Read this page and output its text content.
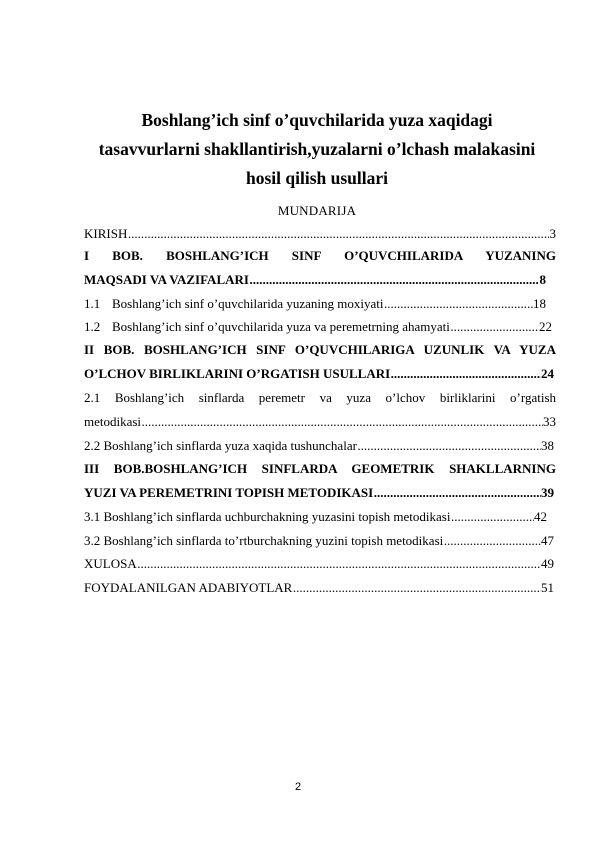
Boshlang’ich sinf o’quvchilarida yuza xaqidagi
tasavvurlarni shakllantirish,yuzalarni o’lchash malakasini
hosil qilish usullari
MUNDARIJA
KIRISH .....	3
I BOB. BOSHLANG’ICH SINF O’QUVCHILARIDA YUZANING
MAQSADI VA VAZIFALARI .....	8
1.1 Boshlang’ich sinf o’quvchilarida yuzaning moxiyati .....	18
1.2 Boshlang’ich sinf o’quvchilarida yuza va peremetrning ahamyati .....	22
II BOB. BOSHLANG’ICH SINF O’QUVCHILARIGA UZUNLIK VA YUZA
O’LCHOV BIRLIKLARINI O’RGATISH USULLARI .....	24
2.1 Boshlang’ich sinflarda peremetr va yuza o’lchov birliklarini o’rgatish
metodikasi .....	33
2.2 Boshlang’ich sinflarda yuza xaqida tushunchalar .....	38
III BOB.BOSHLANG’ICH SINFLARDA GEOMETRIK SHAKLLARNING
YUZI VA PEREMETRINI TOPISH METODIKASI .....	39
3.1 Boshlang’ich sinflarda uchburchakning yuzasini topish metodikasi .....	42
3.2 Boshlang’ich sinflarda to’rtburchakning yuzini topish metodikasi .....	47
XULOSA .....	49
FOYDALANILGAN ADABIYOTLAR .....	51
2
